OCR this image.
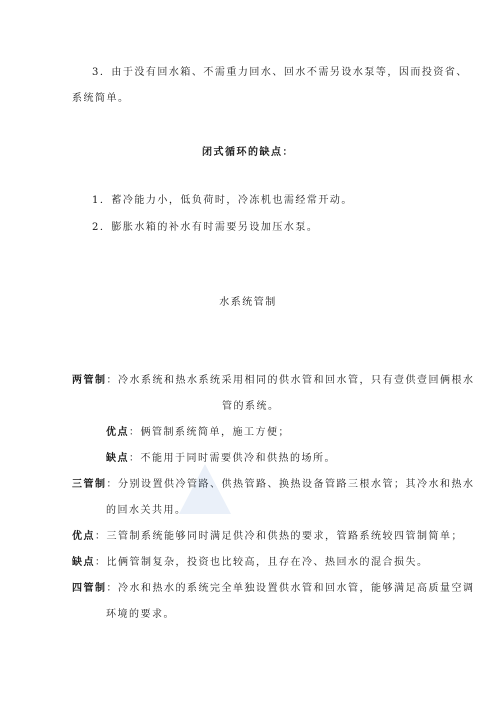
3．由于没有回水箱、不需重力回水、回水不需另设水泵等，因而投资省、
系统简单。
闭式循环的缺点：
1．蓄冷能力小，低负荷时，冷冻机也需经常开动。
2．膨胀水箱的补水有时需要另设加压水泵。
水系统管制
两管制：冷水系统和热水系统采用相同的供水管和回水管，只有壹供壹回俩根水
管的系统。
优点：俩管制系统简单，施工方便；
缺点：不能用于同时需要供冷和供热的场所。
三管制：分别设置供冷管路、供热管路、换热设备管路三根水管；其冷水和热水
的回水关共用。
优点：三管制系统能够同时满足供冷和供热的要求，管路系统较四管制简单；
缺点：比俩管制复杂，投资也比较高，且存在冷、热回水的混合损失。
四管制：冷水和热水的系统完全单独设置供水管和回水管，能够满足高质量空调
环境的要求。
